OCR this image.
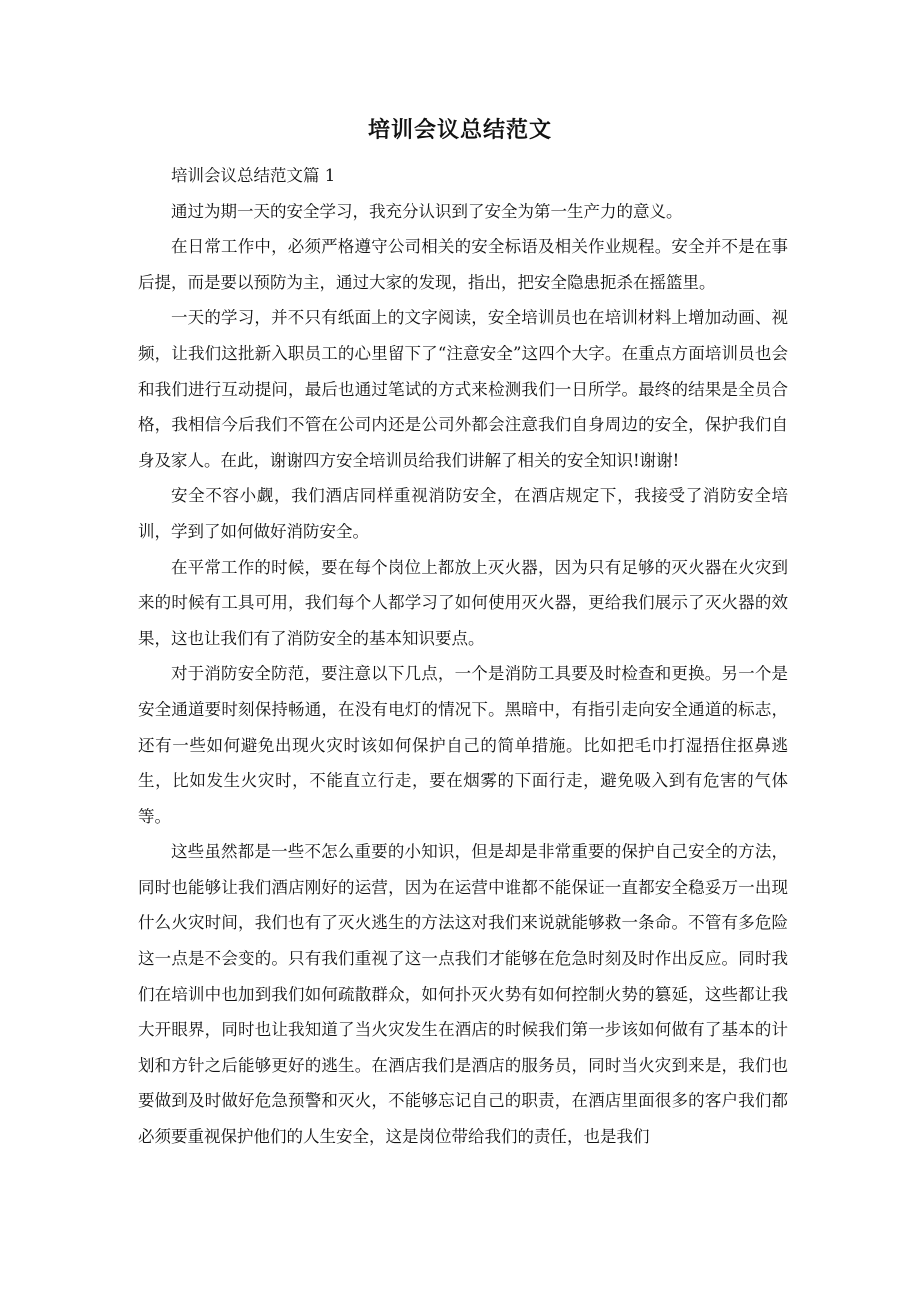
培训会议总结范文

培训会议总结范文篇 1

通过为期一天的安全学习，我充分认识到了安全为第一生产力的意义。

在日常工作中，必须严格遵守公司相关的安全标语及相关作业规程。安全并不是在事后提，而是要以预防为主，通过大家的发现，指出，把安全隐患扼杀在摇篮里。

一天的学习，并不只有纸面上的文字阅读，安全培训员也在培训材料上增加动画、视频，让我们这批新入职员工的心里留下了“注意安全”这四个大字。在重点方面培训员也会和我们进行互动提问，最后也通过笔试的方式来检测我们一日所学。最终的结果是全员合格，我相信今后我们不管在公司内还是公司外都会注意我们自身周边的安全，保护我们自身及家人。在此，谢谢四方安全培训员给我们讲解了相关的安全知识!谢谢!

安全不容小觑，我们酒店同样重视消防安全，在酒店规定下，我接受了消防安全培训，学到了如何做好消防安全。

在平常工作的时候，要在每个岗位上都放上灭火器，因为只有足够的灭火器在火灾到来的时候有工具可用，我们每个人都学习了如何使用灭火器，更给我们展示了灭火器的效果，这也让我们有了消防安全的基本知识要点。

对于消防安全防范，要注意以下几点，一个是消防工具要及时检查和更换。另一个是安全通道要时刻保持畅通，在没有电灯的情况下。黑暗中，有指引走向安全通道的标志，还有一些如何避免出现火灾时该如何保护自己的简单措施。比如把毛巾打湿捂住抠鼻逃生，比如发生火灾时，不能直立行走，要在烟雾的下面行走，避免吸入到有危害的气体等。

这些虽然都是一些不怎么重要的小知识，但是却是非常重要的保护自己安全的方法，同时也能够让我们酒店刚好的运营，因为在运营中谁都不能保证一直都安全稳妥万一出现什么火灾时间，我们也有了灭火逃生的方法这对我们来说就能够救一条命。不管有多危险这一点是不会变的。只有我们重视了这一点我们才能够在危急时刻及时作出反应。同时我们在培训中也加到我们如何疏散群众，如何扑灭火势有如何控制火势的篡延，这些都让我大开眼界，同时也让我知道了当火灾发生在酒店的时候我们第一步该如何做有了基本的计划和方针之后能够更好的逃生。在酒店我们是酒店的服务员，同时当火灾到来是，我们也要做到及时做好危急预警和灭火，不能够忘记自己的职责，在酒店里面很多的客户我们都必须要重视保护他们的人生安全，这是岗位带给我们的责任，也是我们
